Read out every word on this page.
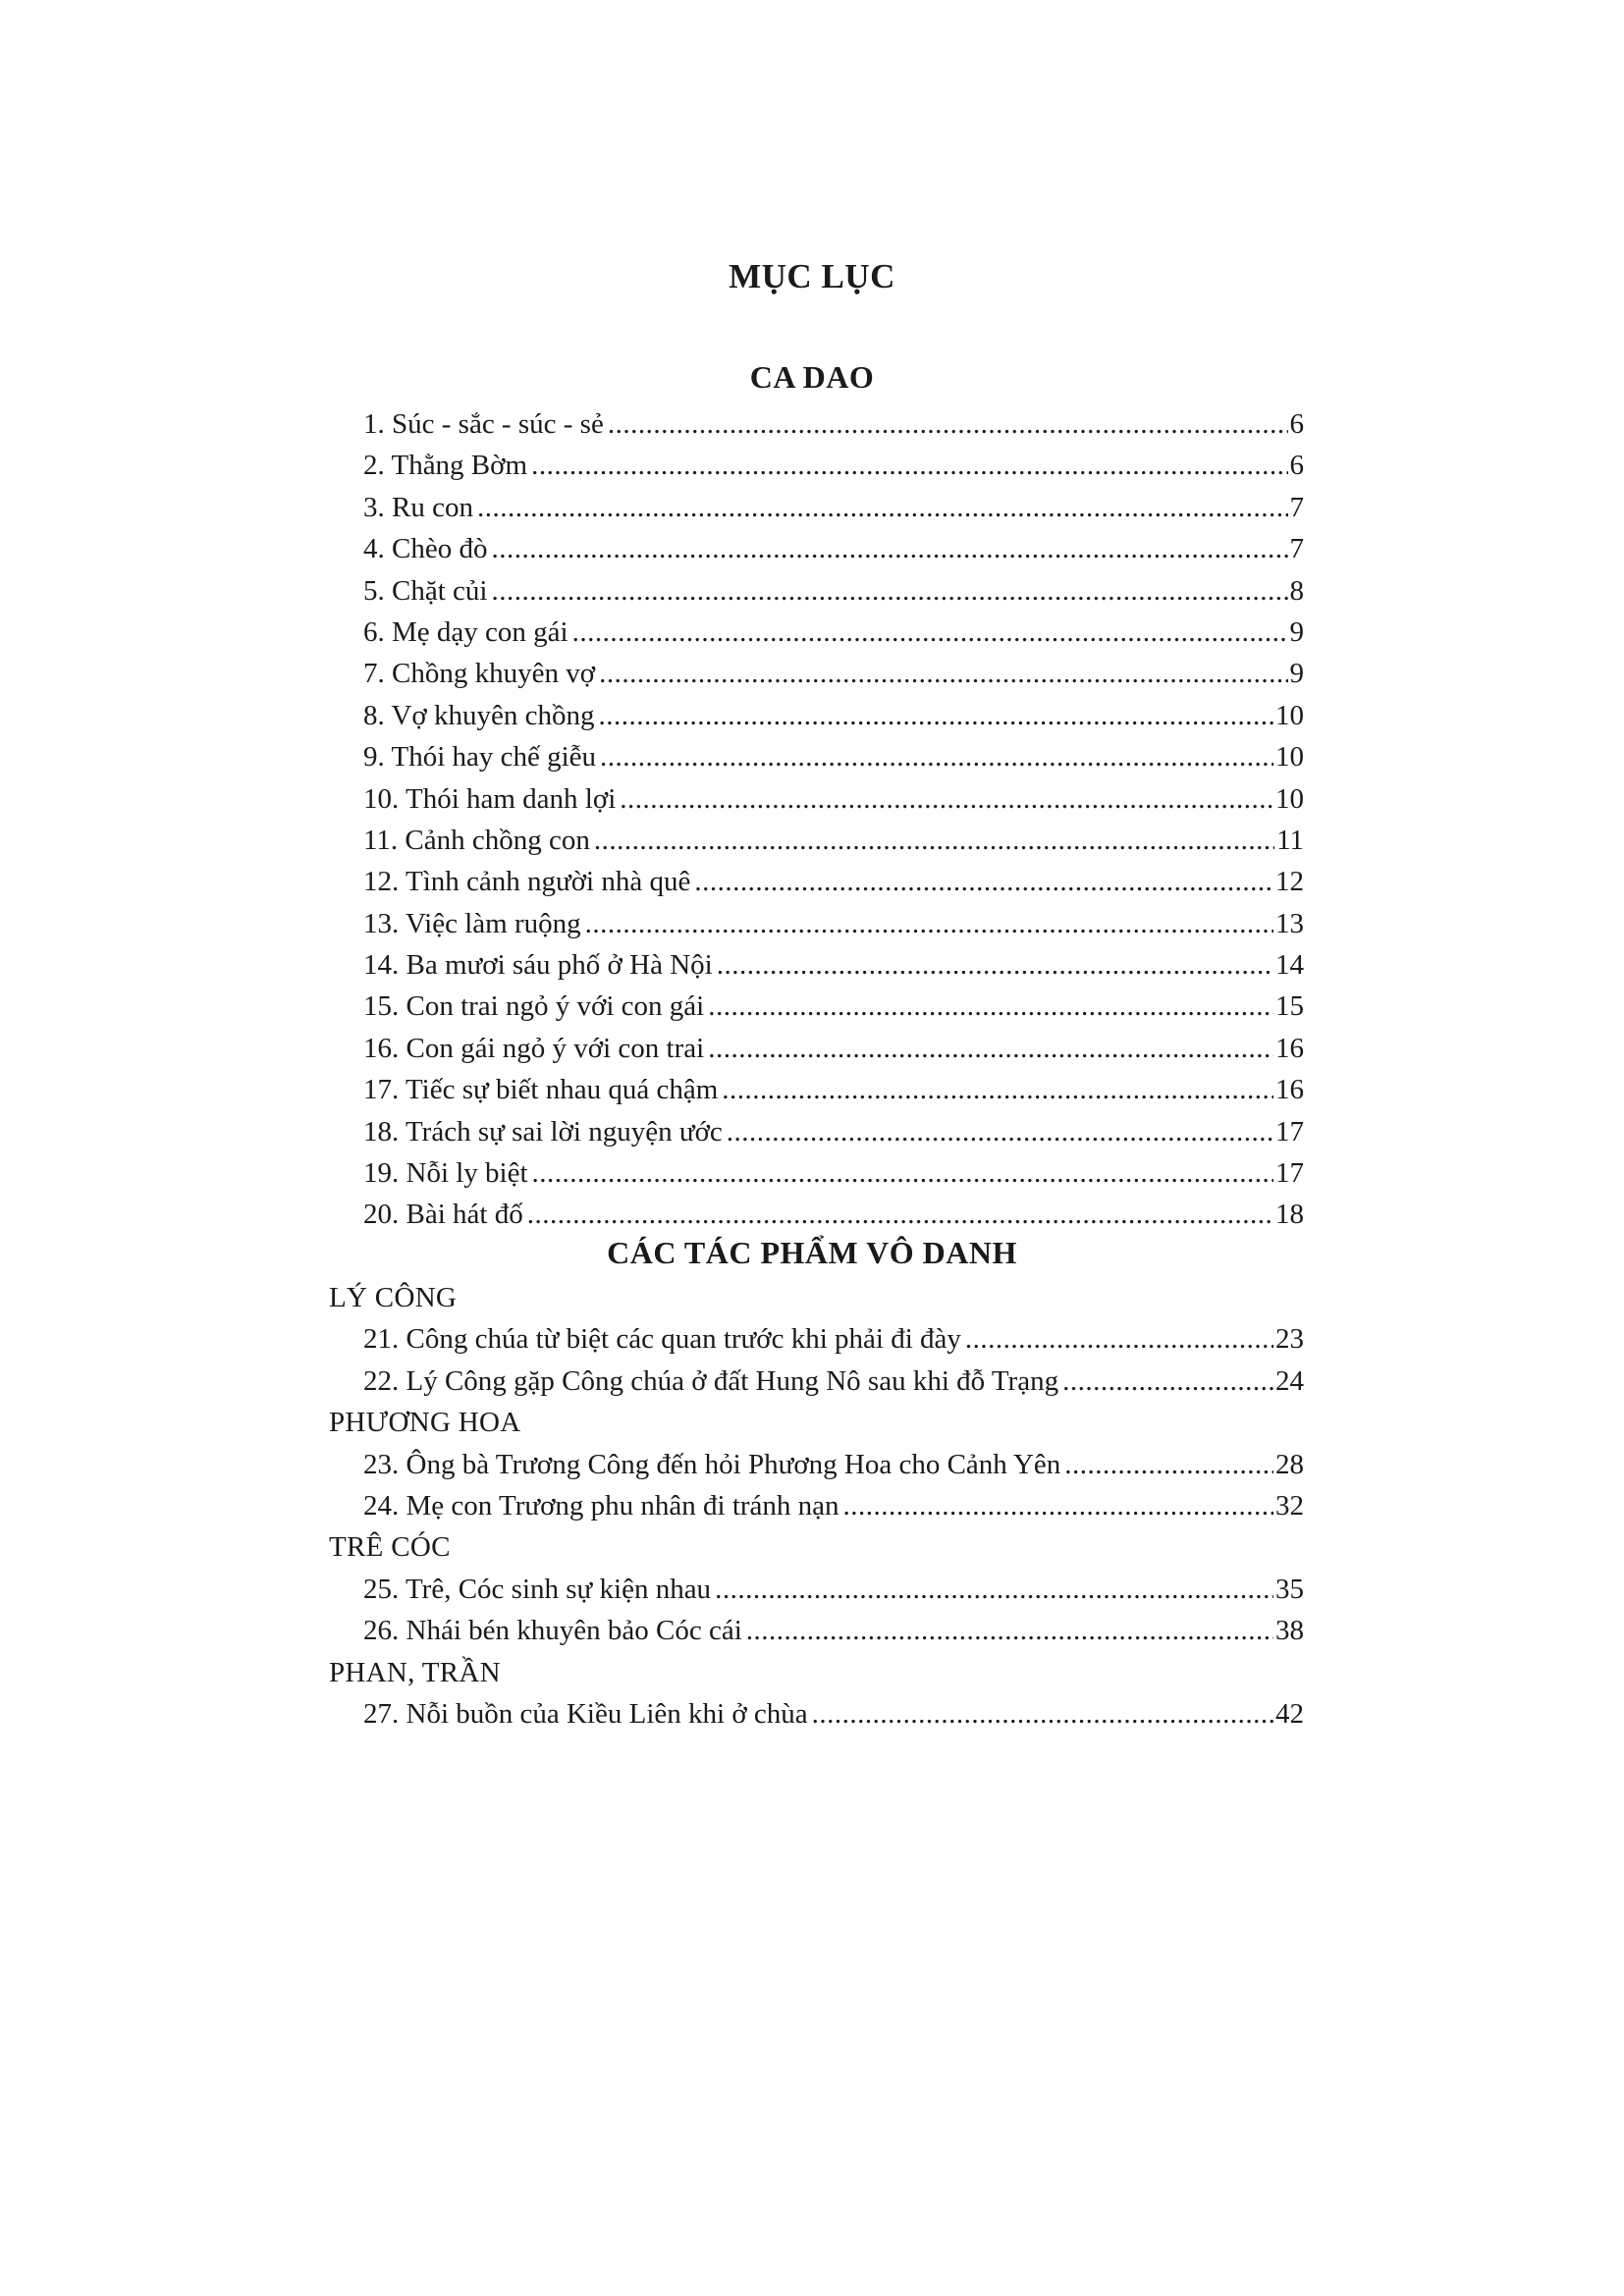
MỤC LỤC
CA DAO
1. Súc - sắc - súc - sẻ .....	6
2. Thằng Bờm .....	6
3. Ru con .....	7
4. Chèo đò .....	7
5. Chặt củi .....	8
6. Mẹ dạy con gái .....	9
7. Chồng khuyên vợ .....	9
8. Vợ khuyên chồng .....	10
9. Thói hay chế giễu .....	10
10. Thói ham danh lợi .....	10
11. Cảnh chồng con .....	11
12. Tình cảnh người nhà quê .....	12
13. Việc làm ruộng .....	13
14. Ba mươi sáu phố ở Hà Nội .....	14
15. Con trai ngỏ ý với con gái .....	15
16. Con gái ngỏ ý với con trai .....	16
17. Tiếc sự biết nhau quá chậm .....	16
18. Trách sự sai lời nguyện ước .....	17
19. Nỗi ly biệt .....	17
20. Bài hát đố .....	18
CÁC TÁC PHẨM VÔ DANH
LÝ CÔNG
21. Công chúa từ biệt các quan trước khi phải đi đày .....	23
22. Lý Công gặp Công chúa ở đất Hung Nô sau khi đỗ Trạng .....	24
PHƯƠNG HOA
23. Ông bà Trương Công đến hỏi Phương Hoa cho Cảnh Yên .....	28
24. Mẹ con Trương phu nhân đi tránh nạn .....	32
TRÊ CÓC
25. Trê, Cóc sinh sự kiện nhau .....	35
26. Nhái bén khuyên bảo Cóc cái .....	38
PHAN, TRẦN
27. Nỗi buồn của Kiều Liên khi ở chùa .....	42
